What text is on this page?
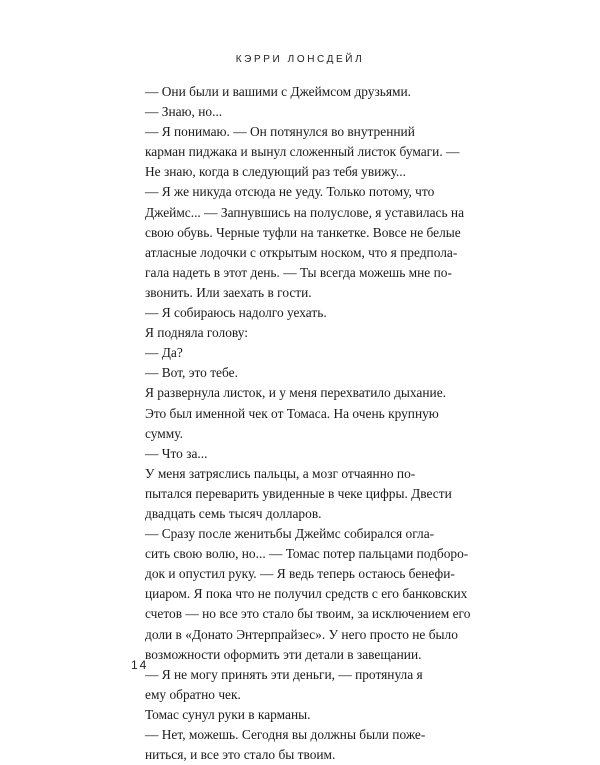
КЭРРИ ЛОНСДЕЙЛ

— Они были и вашими с Джеймсом друзьями.

— Знаю, но...

— Я понимаю. — Он потянулся во внутренний

карман пиджака и вынул сложенный листок бумаги. —

Не знаю, когда в следующий раз тебя увижу...

— Я же никуда отсюда не уеду. Только потому, что

Джеймс... — Запнувшись на полуслове, я уставилась на

свою обувь. Черные туфли на танкетке. Вовсе не белые

атласные лодочки с открытым носком, что я предпола-

гала надеть в этот день. — Ты всегда можешь мне по-

звонить. Или заехать в гости.

— Я собираюсь надолго уехать.

Я подняла голову:

— Да?

— Вот, это тебе.

Я развернула листок, и у меня перехватило дыхание.

Это был именной чек от Томаса. На очень крупную

сумму.

— Что за...

У меня затряслись пальцы, а мозг отчаянно по-

пытался переварить увиденные в чеке цифры. Двести

двадцать семь тысяч долларов.

— Сразу после женитьбы Джеймс собирался огла-

сить свою волю, но... — Томас потер пальцами подборо-

док и опустил руку. — Я ведь теперь остаюсь бенефи-

циаром. Я пока что не получил средств с его банковских

счетов — но все это стало бы твоим, за исключением его

доли в «Донато Энтерпрайзес». У него просто не было

возможности оформить эти детали в завещании.

— Я не могу принять эти деньги, — протянула я

ему обратно чек.

Томас сунул руки в карманы.

— Нет, можешь. Сегодня вы должны были поже-

ниться, и все это стало бы твоим.

14
